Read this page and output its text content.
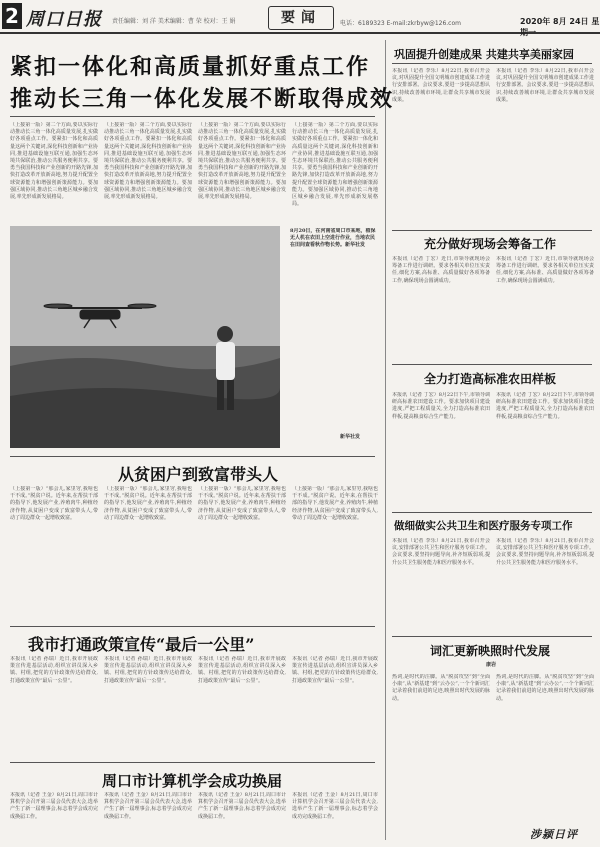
2 周口日报 责任编辑：刘 洋 美术编辑：曹 荣 校对：王 娟	要闻	电话：6189323 E-mail:zkrbyw@126.com	2020年 8月 24日 星期一
紧扣一体化和高质量抓好重点工作
推动长三角一体化发展不断取得成效
（上接第一版）第二个方面,要以实际行动推动长三角一体化高质量发展,扎实做好各项重点工作。要紧扣一体化和高质量这两个关键词,深化科技创新和产业协同,推进基础设施互联互通,加强生态环境共保联治,推动公共服务便利共享。要勇当我国科技和产业创新的开路先锋,加快打造改革开放新高地,努力提升配置全球资源能力和增强创新策源能力。要加强区域协同,推动长三角地区城乡融合发展,率先形成新发展格局。
（上接第一版）第二个方面,要以实际行动推动长三角一体化高质量发展,扎实做好各项重点工作。要紧扣一体化和高质量这两个关键词,深化科技创新和产业协同,推进基础设施互联互通,加强生态环境共保联治,推动公共服务便利共享。要勇当我国科技和产业创新的开路先锋,加快打造改革开放新高地,努力提升配置全球资源能力和增强创新策源能力。要加强区域协同,推动长三角地区城乡融合发展,率先形成新发展格局。
（上接第一版）第二个方面,要以实际行动推动长三角一体化高质量发展,扎实做好各项重点工作。要紧扣一体化和高质量这两个关键词,深化科技创新和产业协同,推进基础设施互联互通,加强生态环境共保联治,推动公共服务便利共享。要勇当我国科技和产业创新的开路先锋,加快打造改革开放新高地,努力提升配置全球资源能力和增强创新策源能力。要加强区域协同,推动长三角地区城乡融合发展,率先形成新发展格局。
（上接第一版）第二个方面,要以实际行动推动长三角一体化高质量发展,扎实做好各项重点工作。要紧扣一体化和高质量这两个关键词,深化科技创新和产业协同,推进基础设施互联互通,加强生态环境共保联治,推动公共服务便利共享。要勇当我国科技和产业创新的开路先锋,加快打造改革开放新高地,努力提升配置全球资源能力和增强创新策源能力。要加强区域协同,推动长三角地区城乡融合发展,率先形成新发展格局。
8月20日，在河南省周口市某地，植保无人机在农田上空进行作业，当地农民在田间查看秋作物长势。新华社发
新华社发
从贫困户到致富带头人
（上接第一版）“那会儿,家里穷,我啥也干不成。”脱贫户说。近年来,在帮扶干部的指导下,他发展产业,养殖肉牛,种植经济作物,从贫困户变成了致富带头人,带动了周边群众一起增收致富。
（上接第一版）“那会儿,家里穷,我啥也干不成。”脱贫户说。近年来,在帮扶干部的指导下,他发展产业,养殖肉牛,种植经济作物,从贫困户变成了致富带头人,带动了周边群众一起增收致富。
（上接第一版）“那会儿,家里穷,我啥也干不成。”脱贫户说。近年来,在帮扶干部的指导下,他发展产业,养殖肉牛,种植经济作物,从贫困户变成了致富带头人,带动了周边群众一起增收致富。
（上接第一版）“那会儿,家里穷,我啥也干不成。”脱贫户说。近年来,在帮扶干部的指导下,他发展产业,养殖肉牛,种植经济作物,从贫困户变成了致富带头人,带动了周边群众一起增收致富。
我市打通政策宣传“最后一公里”
本报讯（记者 孙瑞）近日,我市开展政策宣传进基层活动,组织宣讲员深入乡镇、村组,把党的方针政策传达给群众,打通政策宣传“最后一公里”。
本报讯（记者 孙瑞）近日,我市开展政策宣传进基层活动,组织宣讲员深入乡镇、村组,把党的方针政策传达给群众,打通政策宣传“最后一公里”。
本报讯（记者 孙瑞）近日,我市开展政策宣传进基层活动,组织宣讲员深入乡镇、村组,把党的方针政策传达给群众,打通政策宣传“最后一公里”。
本报讯（记者 孙瑞）近日,我市开展政策宣传进基层活动,组织宣讲员深入乡镇、村组,把党的方针政策传达给群众,打通政策宣传“最后一公里”。
周口市计算机学会成功换届
本报讯（记者 王金）8月21日,周口市计算机学会召开第三届会员代表大会,选举产生了新一届理事会,标志着学会成功完成换届工作。
本报讯（记者 王金）8月21日,周口市计算机学会召开第三届会员代表大会,选举产生了新一届理事会,标志着学会成功完成换届工作。
本报讯（记者 王金）8月21日,周口市计算机学会召开第三届会员代表大会,选举产生了新一届理事会,标志着学会成功完成换届工作。
本报讯（记者 王金）8月21日,周口市计算机学会召开第三届会员代表大会,选举产生了新一届理事会,标志着学会成功完成换届工作。
巩固提升创建成果 共建共享美丽家园
本报讯（记者 李乐）8月22日,我市召开会议,对巩固提升全国文明城市创建成果工作进行安排部署。会议要求,要进一步提高思想认识,持续改善城市环境,让群众共享城市发展成果。
本报讯（记者 李乐）8月22日,我市召开会议,对巩固提升全国文明城市创建成果工作进行安排部署。会议要求,要进一步提高思想认识,持续改善城市环境,让群众共享城市发展成果。
充分做好现场会筹备工作
本报讯（记者 丁宏）近日,市领导就现场会筹备工作进行调研。要求各相关单位压实责任,细化方案,高标准、高质量做好各项筹备工作,确保现场会圆满成功。
本报讯（记者 丁宏）近日,市领导就现场会筹备工作进行调研。要求各相关单位压实责任,细化方案,高标准、高质量做好各项筹备工作,确保现场会圆满成功。
全力打造高标准农田样板
本报讯（记者 丁宏）8月22日下午,市领导调研高标准农田建设工作。要求加快项目建设进度,严把工程质量关,全力打造高标准农田样板,提高粮食综合生产能力。
本报讯（记者 丁宏）8月22日下午,市领导调研高标准农田建设工作。要求加快项目建设进度,严把工程质量关,全力打造高标准农田样板,提高粮食综合生产能力。
做细做实公共卫生和医疗服务专项工作
本报讯（记者 李乐）8月21日,我市召开会议,安排部署公共卫生和医疗服务专项工作。会议要求,要坚持问题导向,补齐短板弱项,提升公共卫生服务能力和医疗服务水平。
本报讯（记者 李乐）8月21日,我市召开会议,安排部署公共卫生和医疗服务专项工作。会议要求,要坚持问题导向,补齐短板弱项,提升公共卫生服务能力和医疗服务水平。
词汇更新映照时代发展
康岩
热词,是时代的注脚。从“脱贫攻坚”到“全面小康”,从“新基建”到“云办公”,一个个新词汇记录着我们前进的足迹,映照出时代发展的脉动。
热词,是时代的注脚。从“脱贫攻坚”到“全面小康”,从“新基建”到“云办公”,一个个新词汇记录着我们前进的足迹,映照出时代发展的脉动。
涉颍日评
